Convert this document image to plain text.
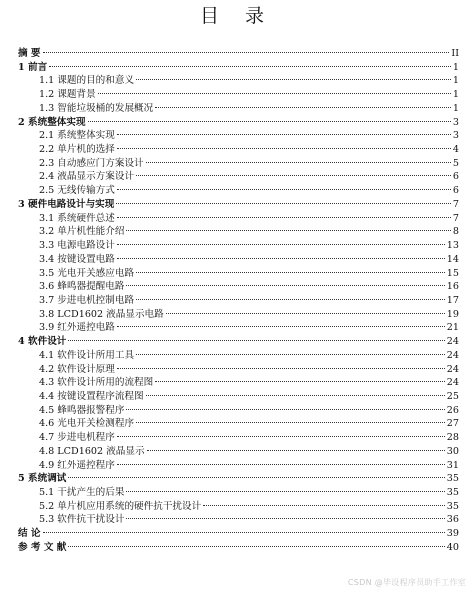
目 录
摘 要	II
1 前言	1
1.1 课题的目的和意义	1
1.2 课题背景	1
1.3 智能垃圾桶的发展概况	1
2 系统整体实现	3
2.1 系统整体实现	3
2.2 单片机的选择	4
2.3 自动感应门方案设计	5
2.4 液晶显示方案设计	6
2.5 无线传输方式	6
3 硬件电路设计与实现	7
3.1 系统硬件总述	7
3.2 单片机性能介绍	8
3.3 电源电路设计	13
3.4 按键设置电路	14
3.5 光电开关感应电路	15
3.6 蜂鸣器提醒电路	16
3.7 步进电机控制电路	17
3.8 LCD1602 液晶显示电路	19
3.9 红外遥控电路	21
4 软件设计	24
4.1 软件设计所用工具	24
4.2 软件设计原理	24
4.3 软件设计所用的流程图	24
4.4 按键设置程序流程图	25
4.5 蜂鸣器报警程序	26
4.6 光电开关检测程序	27
4.7 步进电机程序	28
4.8 LCD1602 液晶显示	30
4.9 红外遥控程序	31
5 系统调试	35
5.1 干扰产生的后果	35
5.2 单片机应用系统的硬件抗干扰设计	35
5.3 软件抗干扰设计	36
结 论	39
参 考 文 献	40
CSDN @毕设程序员助手工作室
